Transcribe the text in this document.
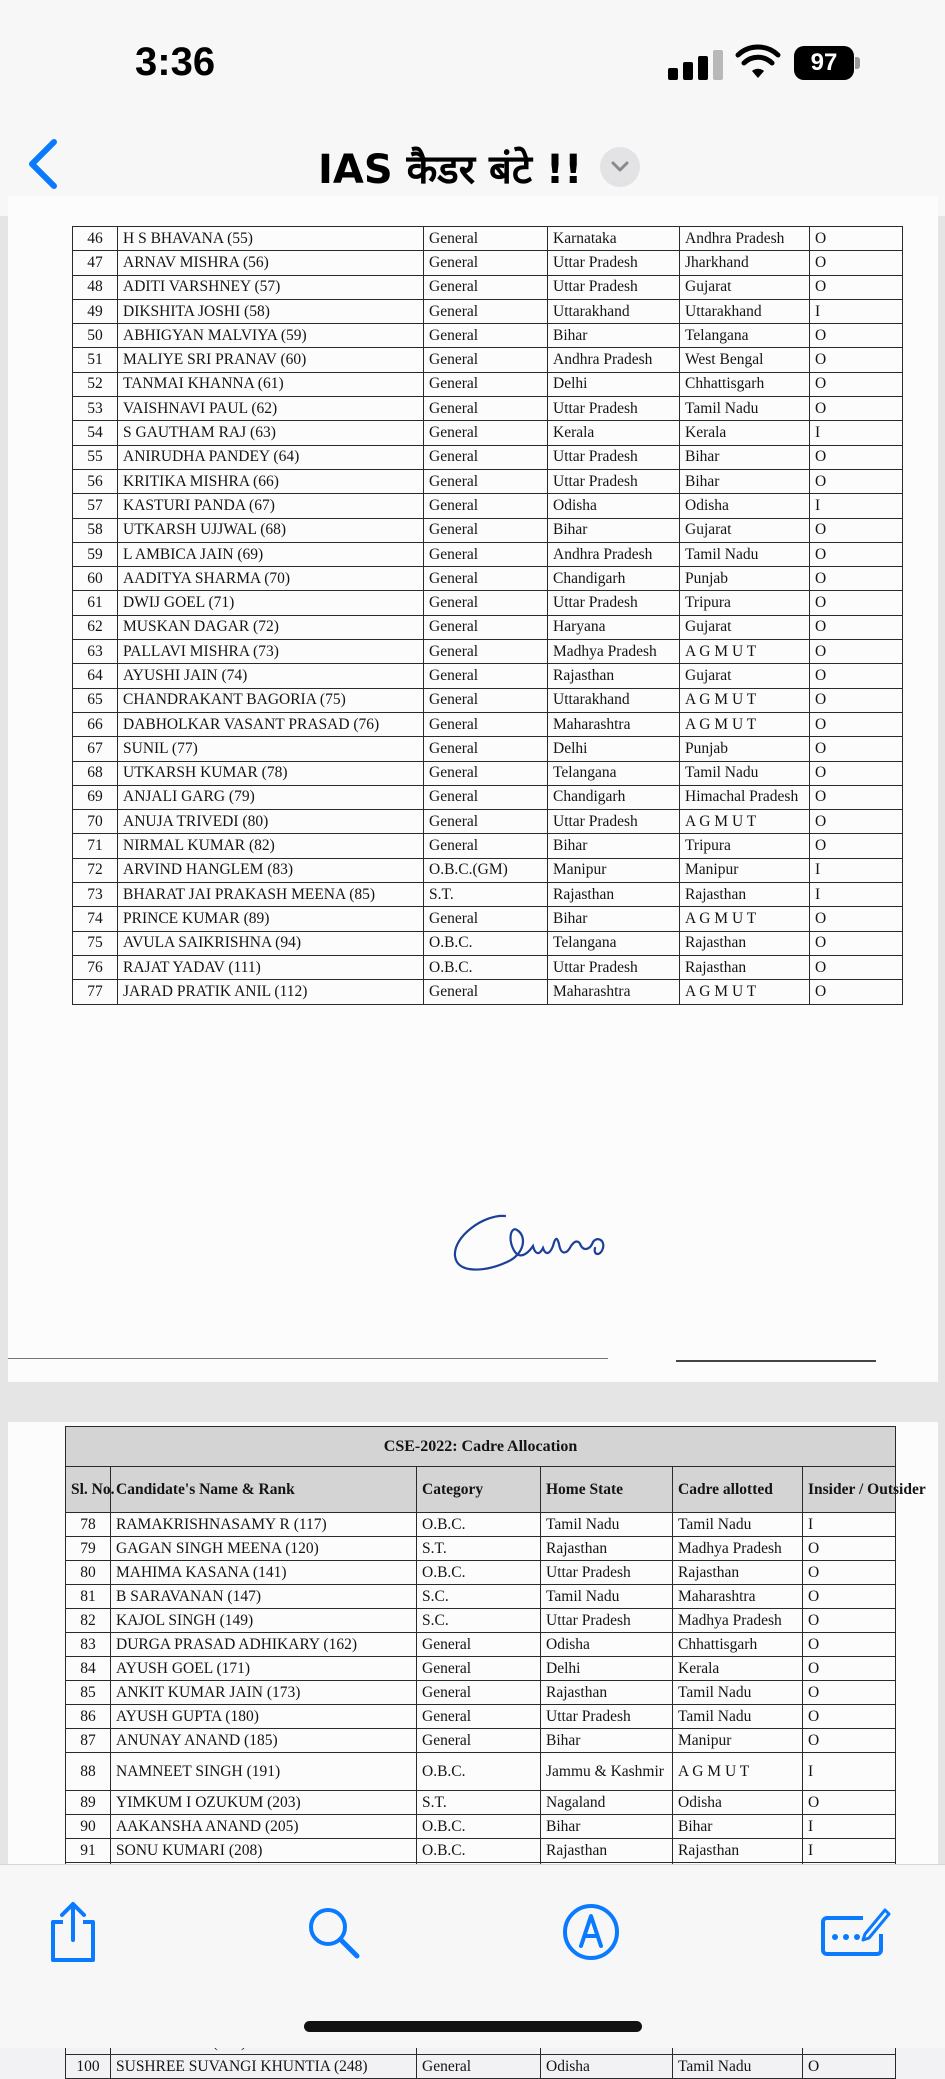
3:36	97
IAS कैडर बंटे !!
46	H S BHAVANA (55)	General	Karnataka	Andhra Pradesh	O
47	ARNAV MISHRA (56)	General	Uttar Pradesh	Jharkhand	O
48	ADITI VARSHNEY (57)	General	Uttar Pradesh	Gujarat	O
49	DIKSHITA JOSHI (58)	General	Uttarakhand	Uttarakhand	I
50	ABHIGYAN MALVIYA (59)	General	Bihar	Telangana	O
51	MALIYE SRI PRANAV (60)	General	Andhra Pradesh	West Bengal	O
52	TANMAI KHANNA (61)	General	Delhi	Chhattisgarh	O
53	VAISHNAVI PAUL (62)	General	Uttar Pradesh	Tamil Nadu	O
54	S GAUTHAM RAJ (63)	General	Kerala	Kerala	I
55	ANIRUDHA PANDEY (64)	General	Uttar Pradesh	Bihar	O
56	KRITIKA MISHRA (66)	General	Uttar Pradesh	Bihar	O
57	KASTURI PANDA (67)	General	Odisha	Odisha	I
58	UTKARSH UJJWAL (68)	General	Bihar	Gujarat	O
59	L AMBICA JAIN (69)	General	Andhra Pradesh	Tamil Nadu	O
60	AADITYA SHARMA (70)	General	Chandigarh	Punjab	O
61	DWIJ GOEL (71)	General	Uttar Pradesh	Tripura	O
62	MUSKAN DAGAR (72)	General	Haryana	Gujarat	O
63	PALLAVI MISHRA (73)	General	Madhya Pradesh	A G M U T	O
64	AYUSHI JAIN (74)	General	Rajasthan	Gujarat	O
65	CHANDRAKANT BAGORIA (75)	General	Uttarakhand	A G M U T	O
66	DABHOLKAR VASANT PRASAD (76)	General	Maharashtra	A G M U T	O
67	SUNIL (77)	General	Delhi	Punjab	O
68	UTKARSH KUMAR (78)	General	Telangana	Tamil Nadu	O
69	ANJALI GARG (79)	General	Chandigarh	Himachal Pradesh	O
70	ANUJA TRIVEDI (80)	General	Uttar Pradesh	A G M U T	O
71	NIRMAL KUMAR (82)	General	Bihar	Tripura	O
72	ARVIND HANGLEM (83)	O.B.C.(GM)	Manipur	Manipur	I
73	BHARAT JAI PRAKASH MEENA (85)	S.T.	Rajasthan	Rajasthan	I
74	PRINCE KUMAR (89)	General	Bihar	A G M U T	O
75	AVULA SAIKRISHNA (94)	O.B.C.	Telangana	Rajasthan	O
76	RAJAT YADAV (111)	O.B.C.	Uttar Pradesh	Rajasthan	O
77	JARAD PRATIK ANIL (112)	General	Maharashtra	A G M U T	O
CSE-2022: Cadre Allocation					
Sl. No.	Candidate's Name & Rank	Category	Home State	Cadre allotted	Insider / Outsider
78	RAMAKRISHNASAMY R (117)	O.B.C.	Tamil Nadu	Tamil Nadu	I
79	GAGAN SINGH MEENA (120)	S.T.	Rajasthan	Madhya Pradesh	O
80	MAHIMA KASANA (141)	O.B.C.	Uttar Pradesh	Rajasthan	O
81	B SARAVANAN (147)	S.C.	Tamil Nadu	Maharashtra	O
82	KAJOL SINGH (149)	S.C.	Uttar Pradesh	Madhya Pradesh	O
83	DURGA PRASAD ADHIKARY (162)	General	Odisha	Chhattisgarh	O
84	AYUSH GOEL (171)	General	Delhi	Kerala	O
85	ANKIT KUMAR JAIN (173)	General	Rajasthan	Tamil Nadu	O
86	AYUSH GUPTA (180)	General	Uttar Pradesh	Tamil Nadu	O
87	ANUNAY ANAND (185)	General	Bihar	Manipur	O
88	NAMNEET SINGH (191)	O.B.C.	Jammu & Kashmir	A G M U T	I
89	YIMKUM I OZUKUM (203)	S.T.	Nagaland	Odisha	O
90	AAKANSHA ANAND (205)	O.B.C.	Bihar	Bihar	I
91	SONU KUMARI (208)	O.B.C.	Rajasthan	Rajasthan	I

100	SUSHREE SUVANGI KHUNTIA (248)	General	Odisha	Tamil Nadu	O
